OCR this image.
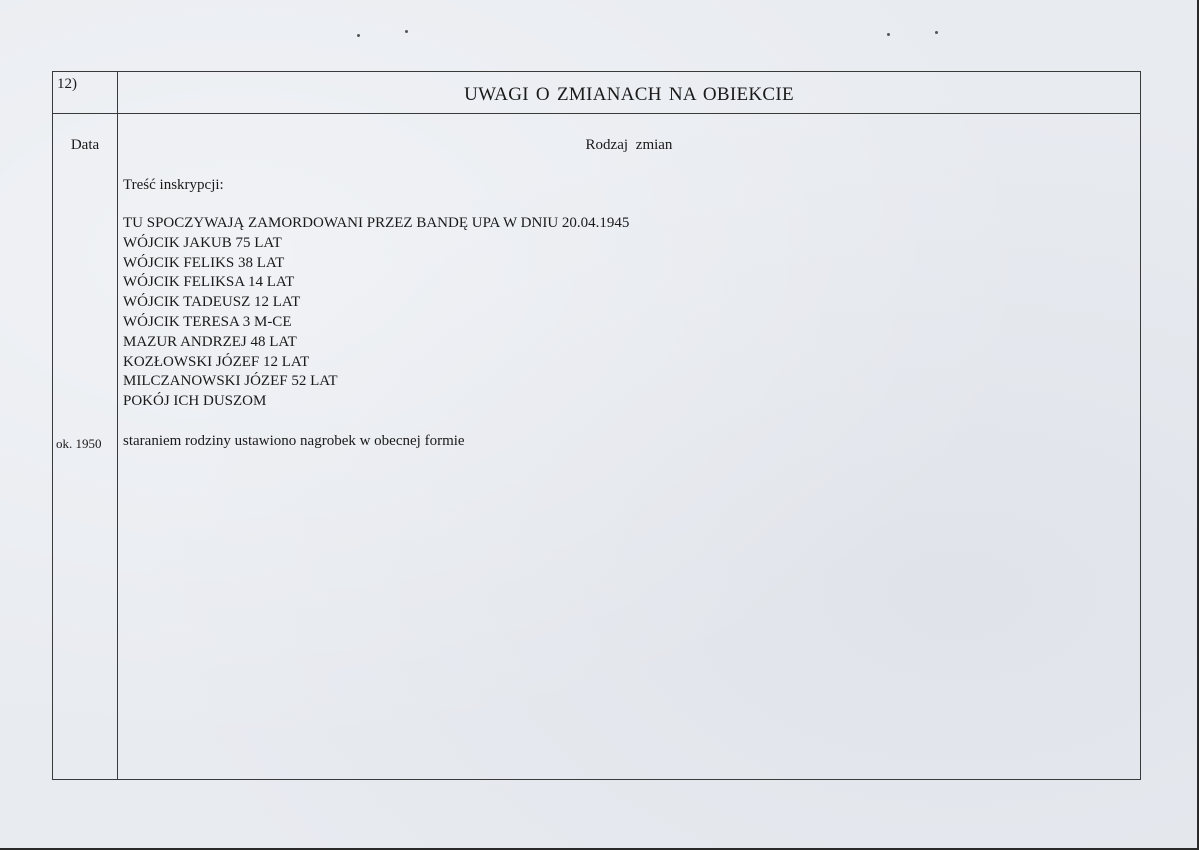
12)	UWAGI O ZMIANACH NA OBIEKCIE
Data	Rodzaj zmian
Treść inskrypcji:
TU SPOCZYWAJĄ ZAMORDOWANI PRZEZ BANDĘ UPA W DNIU 20.04.1945
WÓJCIK JAKUB 75 LAT
WÓJCIK FELIKS 38 LAT
WÓJCIK FELIKSA 14 LAT
WÓJCIK TADEUSZ 12 LAT
WÓJCIK TERESA 3 M-CE
MAZUR ANDRZEJ 48 LAT
KOZŁOWSKI JÓZEF 12 LAT
MILCZANOWSKI JÓZEF 52 LAT
POKÓJ ICH DUSZOM
ok. 1950 staraniem rodziny ustawiono nagrobek w obecnej formie
